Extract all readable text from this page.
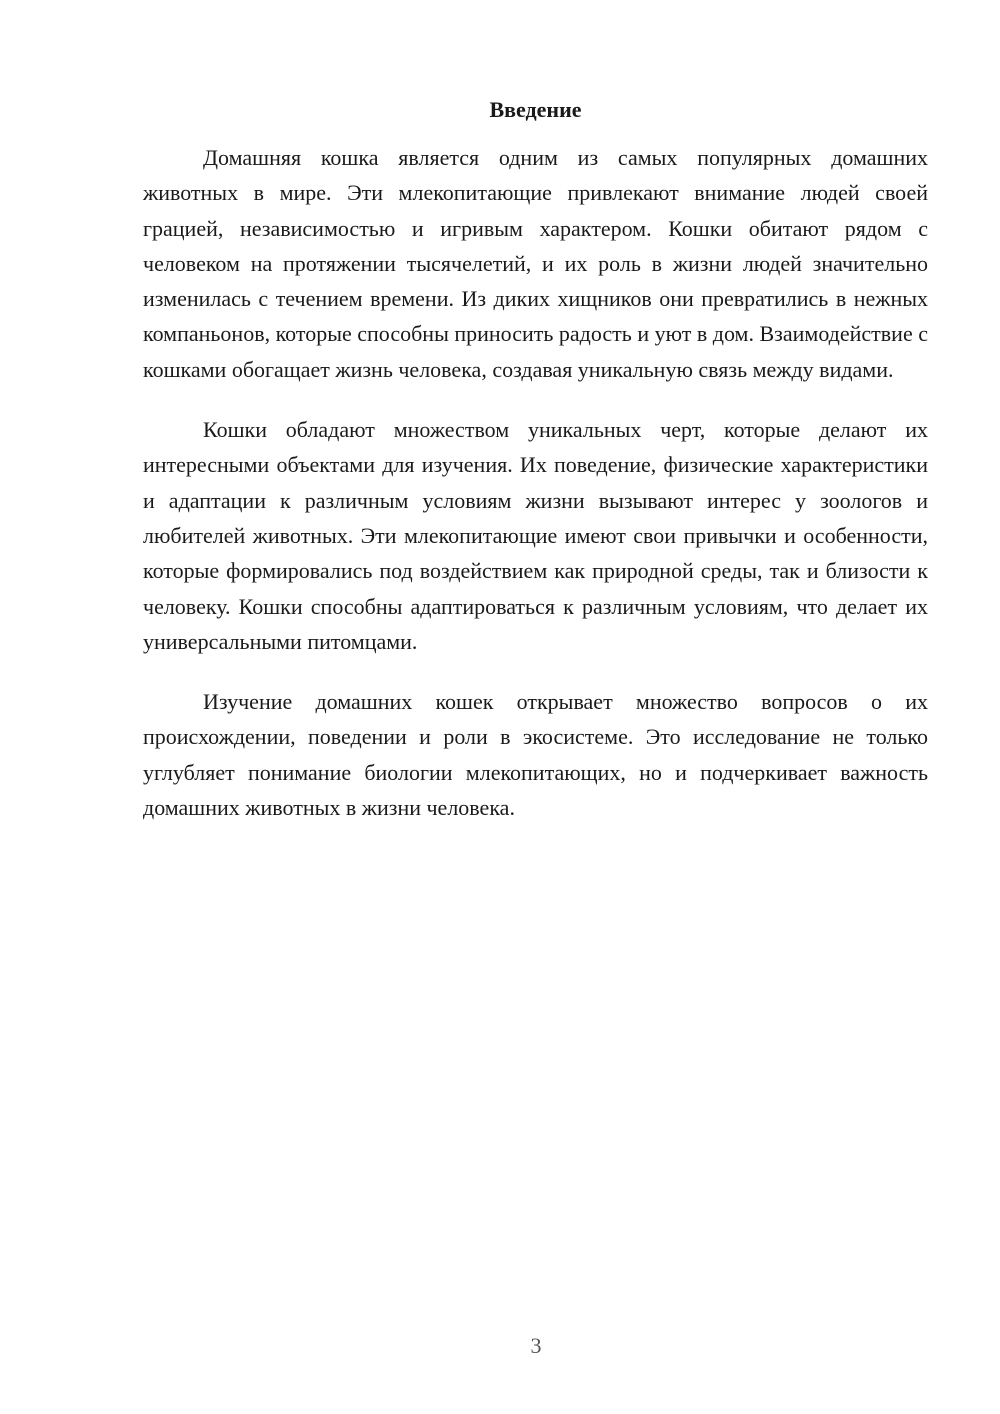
Введение

Домашняя кошка является одним из самых популярных домашних животных в мире. Эти млекопитающие привлекают внимание людей своей грацией, независимостью и игривым характером. Кошки обитают рядом с человеком на протяжении тысячелетий, и их роль в жизни людей значительно изменилась с течением времени. Из диких хищников они превратились в нежных компаньонов, которые способны приносить радость и уют в дом. Взаимодействие с кошками обогащает жизнь человека, создавая уникальную связь между видами.

Кошки обладают множеством уникальных черт, которые делают их интересными объектами для изучения. Их поведение, физические характеристики и адаптации к различным условиям жизни вызывают интерес у зоологов и любителей животных. Эти млекопитающие имеют свои привычки и особенности, которые формировались под воздействием как природной среды, так и близости к человеку. Кошки способны адаптироваться к различным условиям, что делает их универсальными питомцами.

Изучение домашних кошек открывает множество вопросов о их происхождении, поведении и роли в экосистеме. Это исследование не только углубляет понимание биологии млекопитающих, но и подчеркивает важность домашних животных в жизни человека.

3
